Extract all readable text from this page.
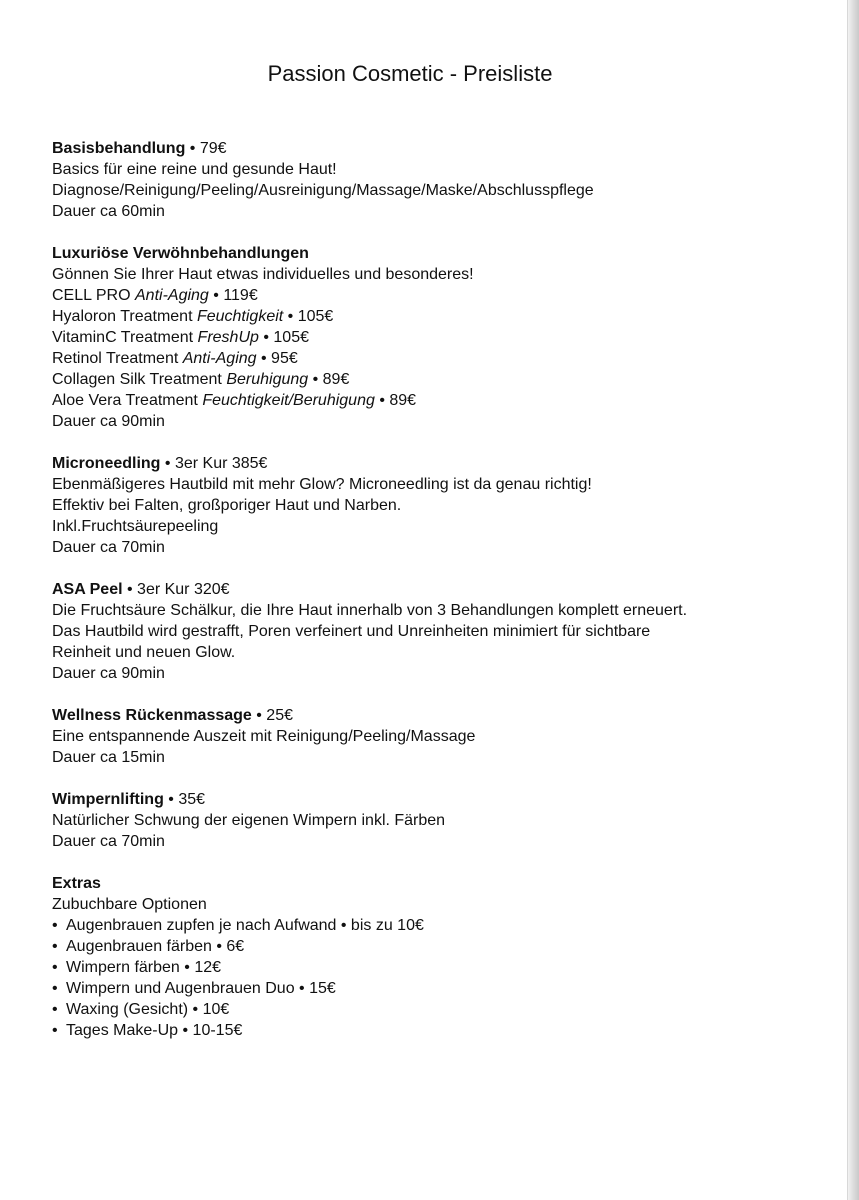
Passion Cosmetic - Preisliste
Basisbehandlung • 79€
Basics für eine reine und gesunde Haut!
Diagnose/Reinigung/Peeling/Ausreinigung/Massage/Maske/Abschlusspflege
Dauer ca 60min
Luxuriöse Verwöhnbehandlungen
Gönnen Sie Ihrer Haut etwas individuelles und besonderes!
CELL PRO Anti-Aging • 119€
Hyaloron Treatment Feuchtigkeit • 105€
VitaminC Treatment FreshUp • 105€
Retinol Treatment Anti-Aging • 95€
Collagen Silk Treatment Beruhigung • 89€
Aloe Vera Treatment Feuchtigkeit/Beruhigung • 89€
Dauer ca 90min
Microneedling • 3er Kur 385€
Ebenmäßigeres Hautbild mit mehr Glow? Microneedling ist da genau richtig!
Effektiv bei Falten, großporiger Haut und Narben.
Inkl.Fruchtsäurepeeling
Dauer ca 70min
ASA Peel • 3er Kur 320€
Die Fruchtsäure Schälkur, die Ihre Haut innerhalb von 3 Behandlungen komplett erneuert.
Das Hautbild wird gestrafft, Poren verfeinert und Unreinheiten minimiert für sichtbare
Reinheit und neuen Glow.
Dauer ca 90min
Wellness Rückenmassage • 25€
Eine entspannende Auszeit mit Reinigung/Peeling/Massage
Dauer ca 15min
Wimpernlifting • 35€
Natürlicher Schwung der eigenen Wimpern inkl. Färben
Dauer ca 70min
Extras
Zubuchbare Optionen
• Augenbrauen zupfen je nach Aufwand • bis zu 10€
• Augenbrauen färben • 6€
• Wimpern färben • 12€
• Wimpern und Augenbrauen Duo • 15€
• Waxing (Gesicht) • 10€
• Tages Make-Up • 10-15€
